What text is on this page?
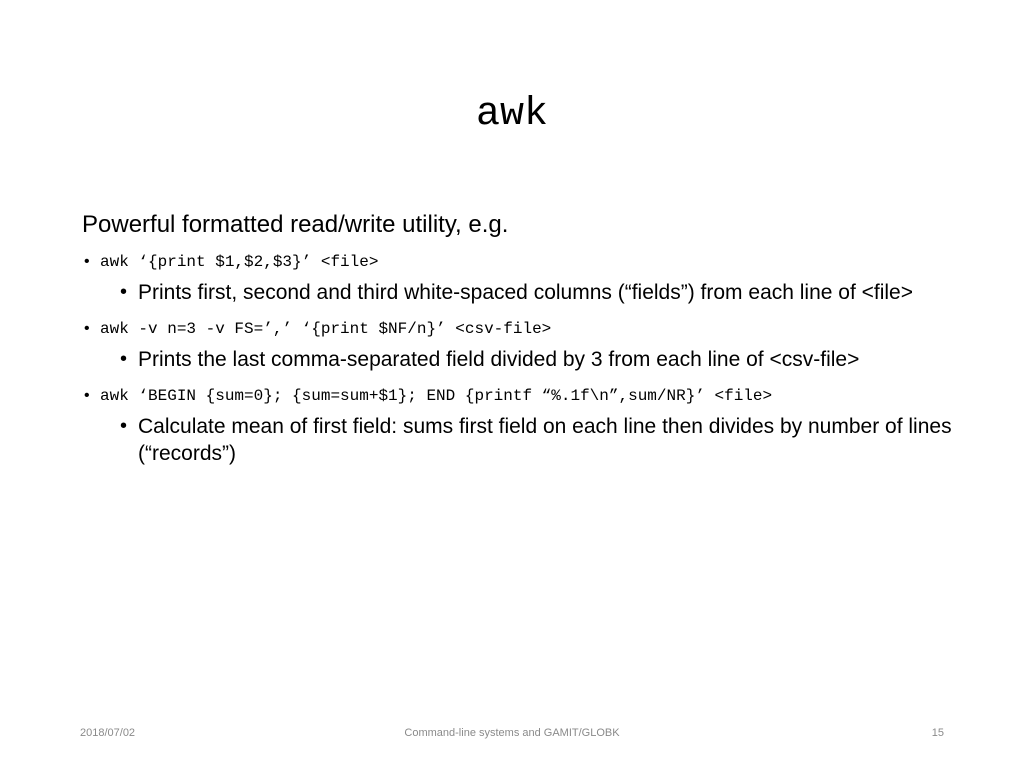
awk

Powerful formatted read/write utility, e.g.

• awk ‘{print $1,$2,$3}’ <file>
• Prints first, second and third white-spaced columns (“fields”) from each line of <file>
• awk -v n=3 -v FS=’,’ ‘{print $NF/n}’ <csv-file>
• Prints the last comma-separated field divided by 3 from each line of <csv-file>
• awk ‘BEGIN {sum=0}; {sum=sum+$1}; END {printf “%.1f\n”,sum/NR}’ <file>
• Calculate mean of first field: sums first field on each line then divides by number of lines (“records”)
2018/07/02	Command-line systems and GAMIT/GLOBK	15
